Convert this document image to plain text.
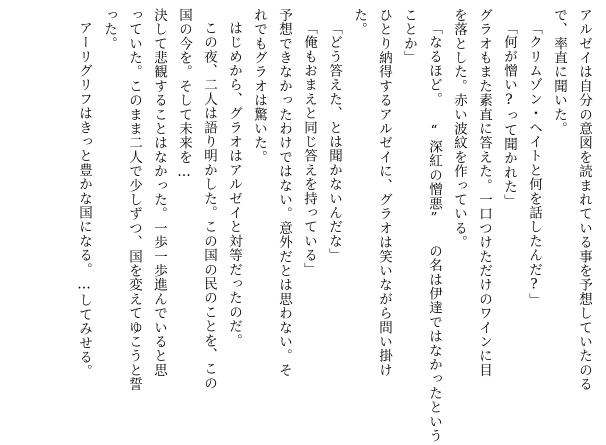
アルゼイは自分の意図を読まれている事を予想していたのる
で、率直に聞いた。
「クリムゾン・ヘイトと何を話したんだ?」
「何が憎い?って聞かれた」
グラオもまた素直に答えた。一口つけただけのワインに目
を落とした。赤い波紋を作っている。
「なるほど。 “深紅の憎悪” の名は伊達ではなかったという
ことか」
ひとり納得するアルゼイに、グラオは笑いながら問い掛け
た。
「どう答えた、とは聞かないんだな」
「俺もおまえと同じ答えを持っている」
予想できなかったわけではない。意外だとは思わない。そ
れでもグラオは驚いた。
はじめから、グラオはアルゼイと対等だったのだ。
この夜、二人は語り明かした。この国の民のことを、この
国の今を。そして未来を…
決して悲観することはなかった。一歩一歩進んでいると思
っていた。このまま二人で少しずつ、国を変えてゆこうと誓
った。
アーリグリフはきっと豊かな国になる。…してみせる。
